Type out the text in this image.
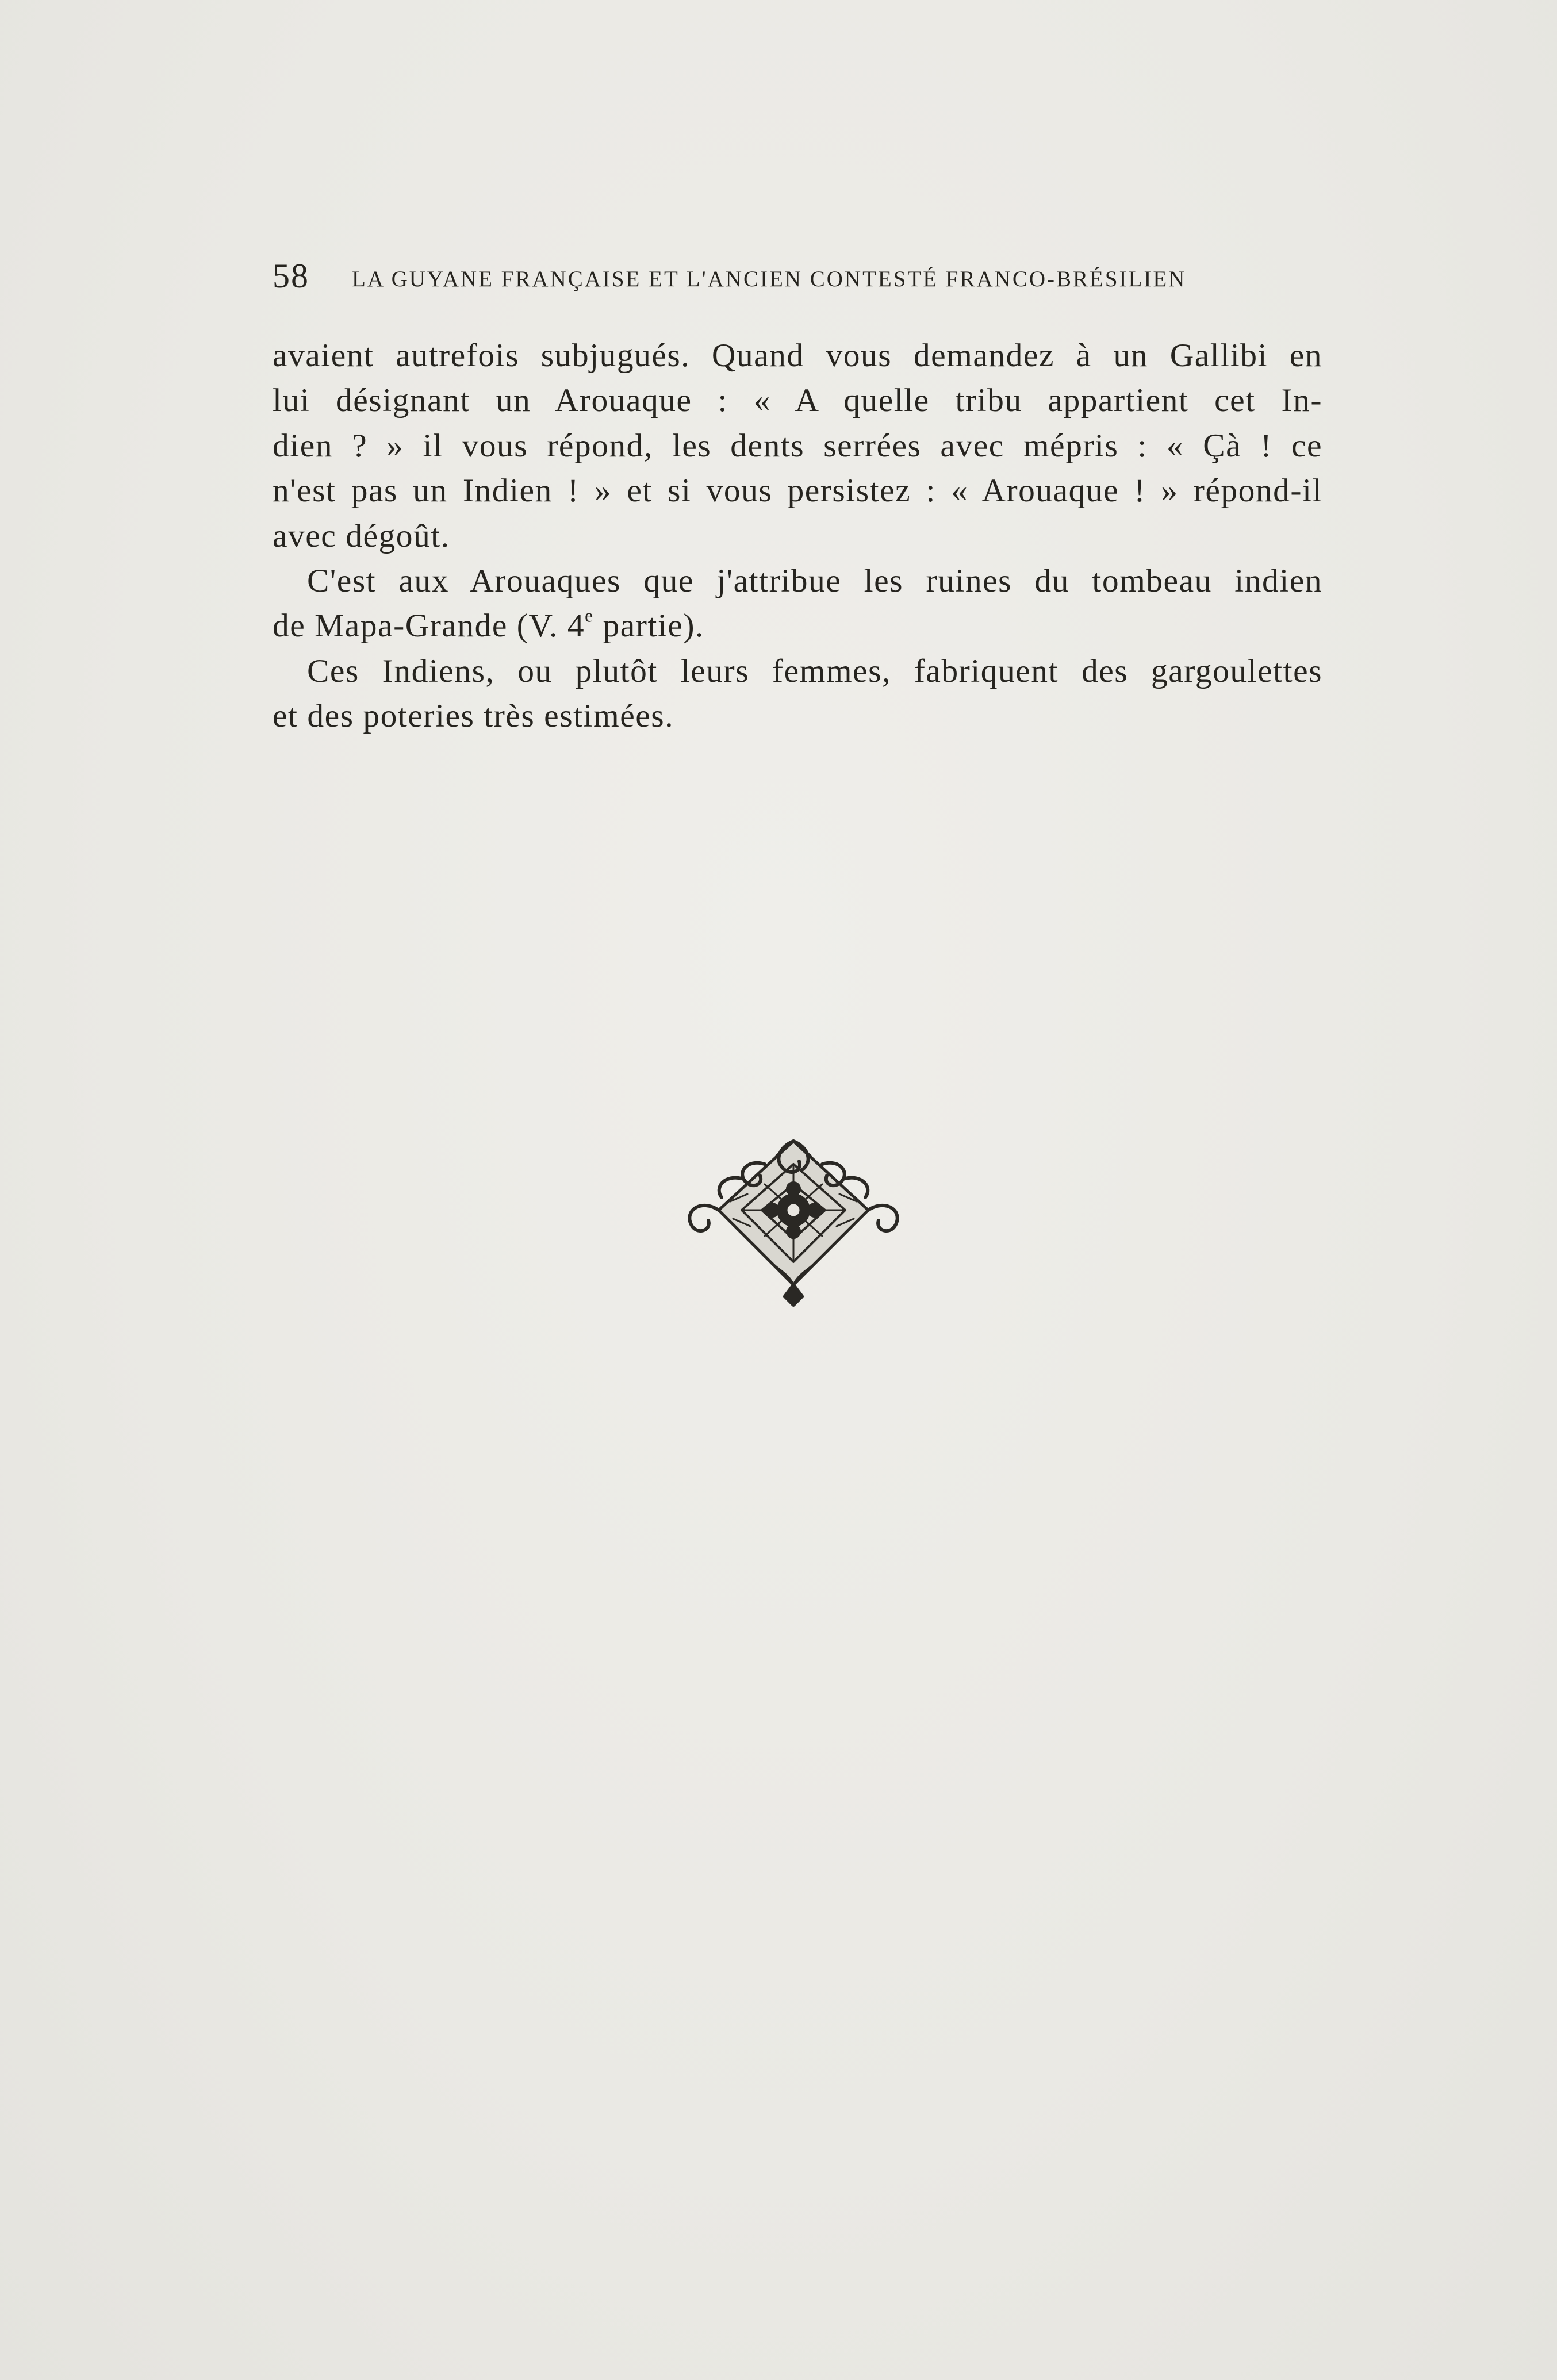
58 LA GUYANE FRANÇAISE ET L'ANCIEN CONTESTÉ FRANCO-BRÉSILIEN

avaient autrefois subjugués. Quand vous demandez à un Gallibi en
lui désignant un Arouaque : « A quelle tribu appartient cet In-
dien ? » il vous répond, les dents serrées avec mépris : « Çà ! ce
n'est pas un Indien ! » et si vous persistez : « Arouaque ! » répond-il
avec dégoût.

C'est aux Arouaques que j'attribue les ruines du tombeau indien
de Mapa-Grande (V. 4e partie).
Ces Indiens, ou plutôt leurs femmes, fabriquent des gargoulettes
et des poteries très estimées.
